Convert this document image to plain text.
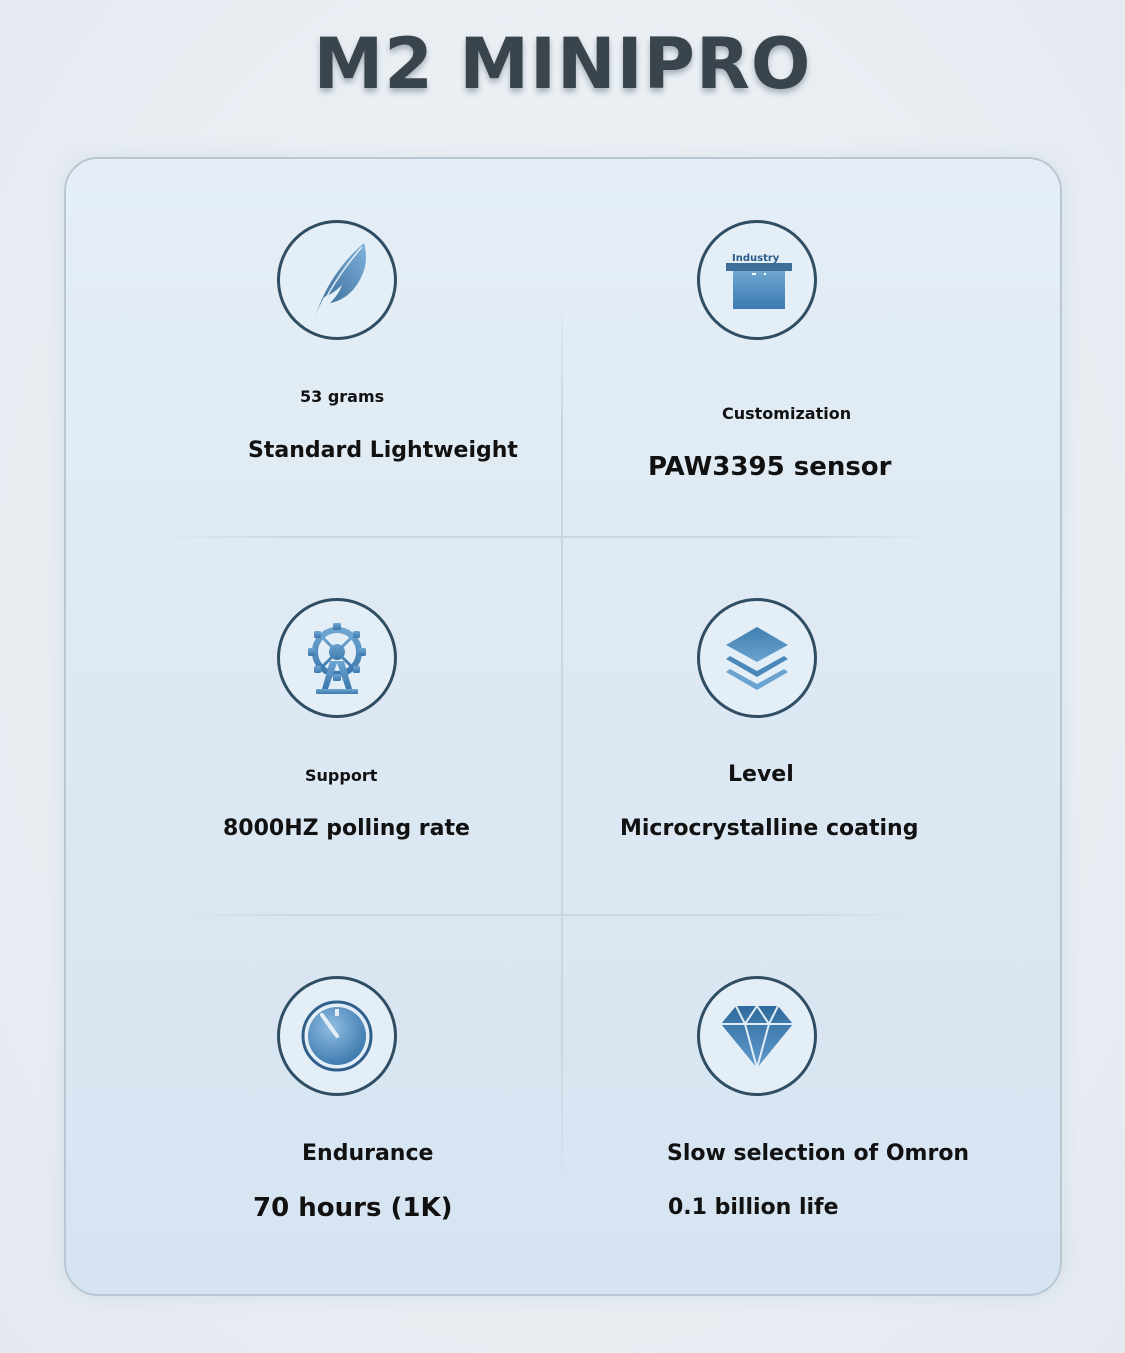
M2 MINIPRO
53 grams
Standard Lightweight
Industry
Customization
PAW3395 sensor
Support
8000HZ polling rate
Level
Microcrystalline coating
Endurance
70 hours (1K)
Slow selection of Omron
0.1 billion life
